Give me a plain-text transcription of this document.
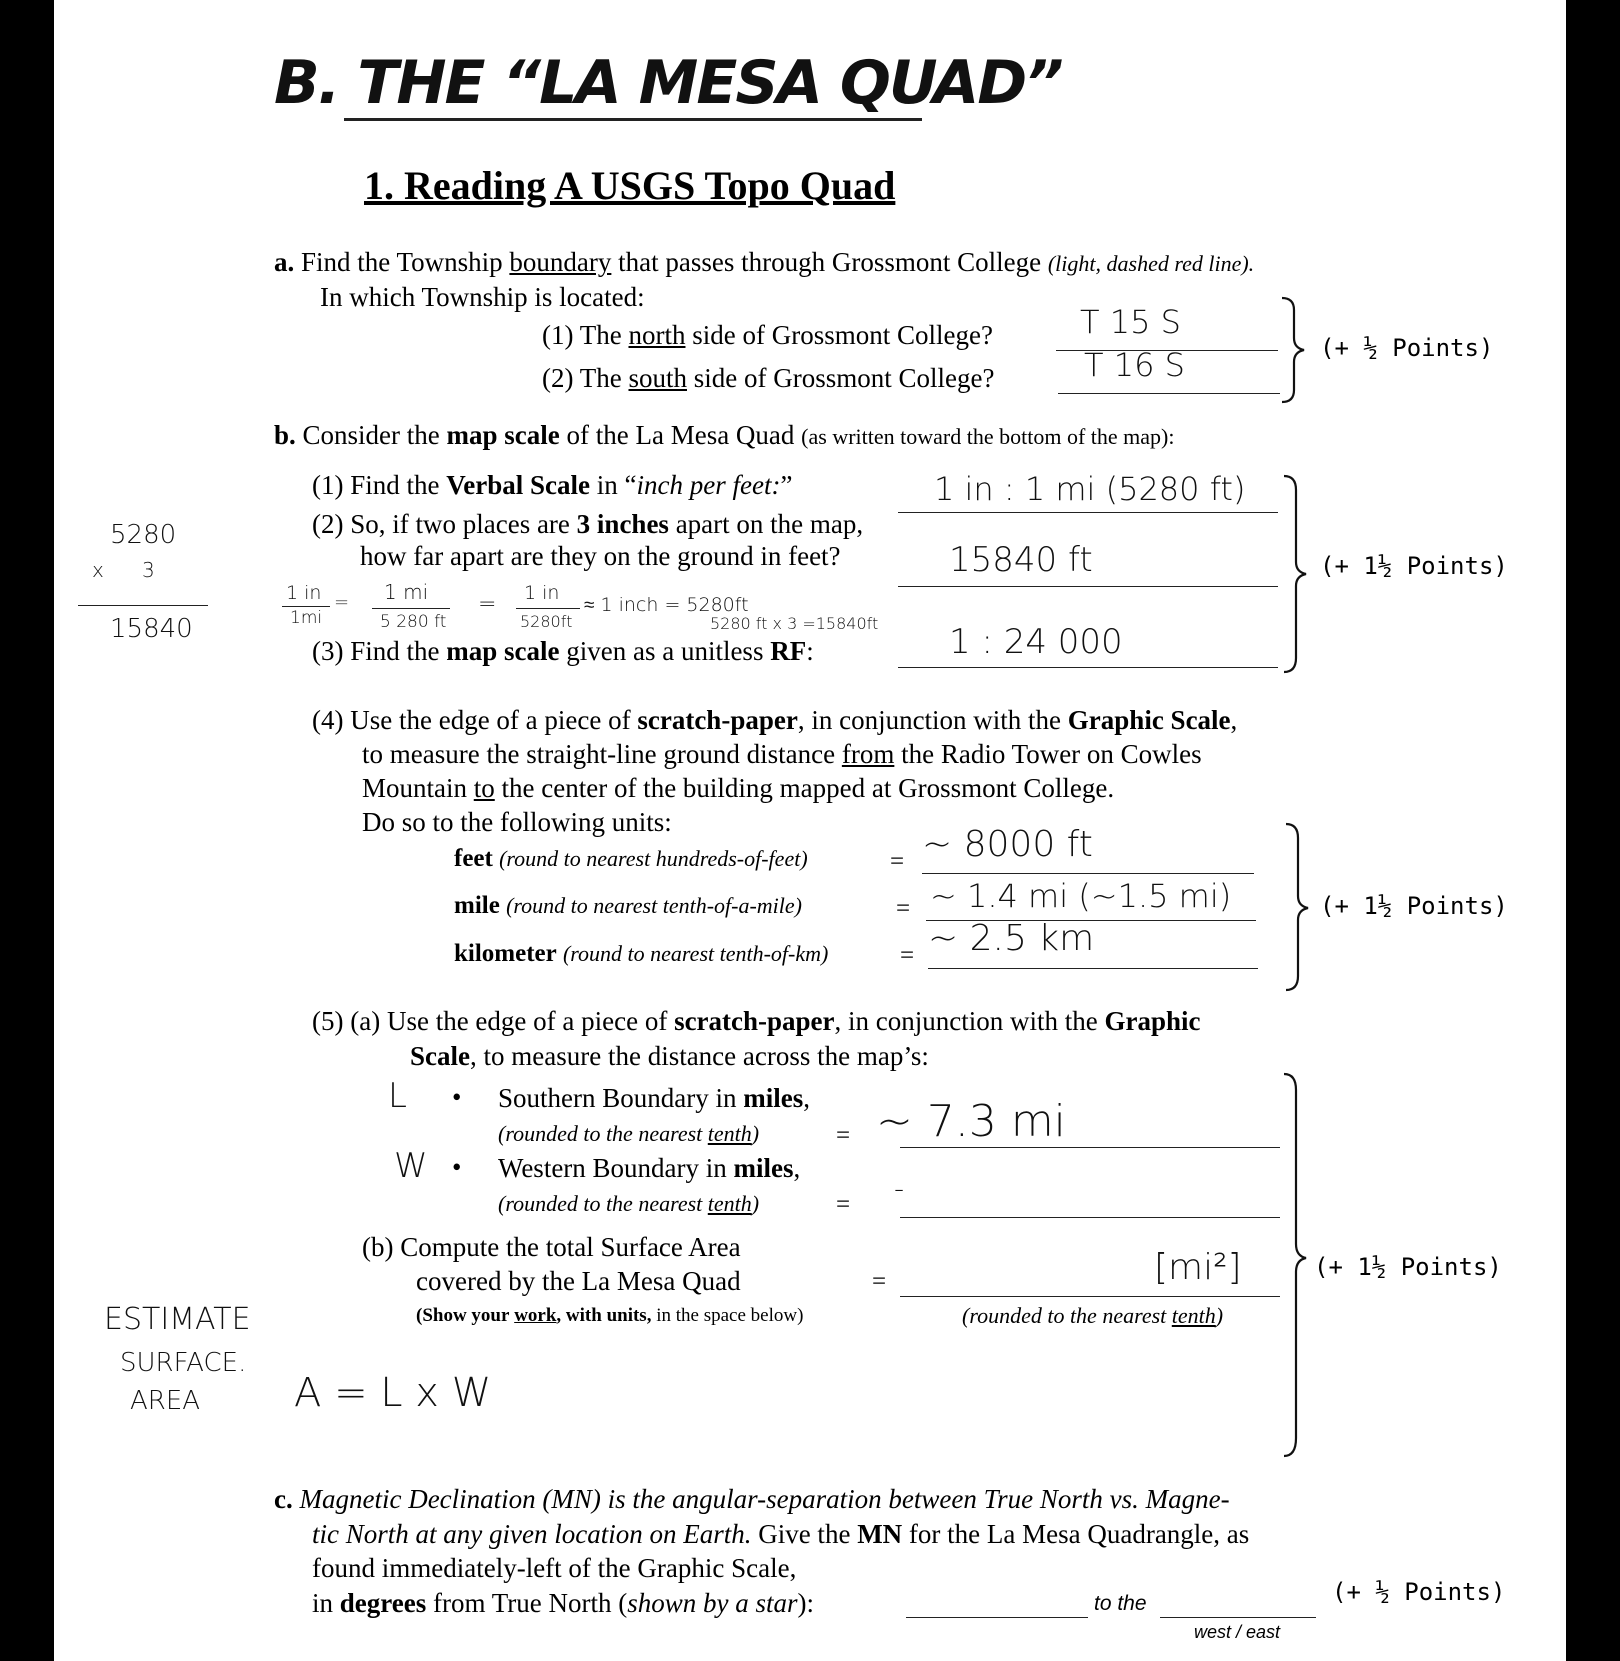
B. THE “LA MESA QUAD”
1. Reading A USGS Topo Quad
a. Find the Township boundary that passes through Grossmont College (light, dashed red line).
In which Township is located:
(1) The north side of Grossmont College?	T 15 S
(2) The south side of Grossmont College?	T 16 S	(+ ½ Points)
b. Consider the map scale of the La Mesa Quad (as written toward the bottom of the map):
(1) Find the Verbal Scale in “inch per feet:”	1 in : 1 mi (5280 ft)
(2) So, if two places are 3 inches apart on the map,
how far apart are they on the ground in feet?	15840 ft
1 in
1mi
= 1 mi
5 280 ft
= 1 in
5280ft
≈ 1 inch = 5280ft
5280 ft x 3 =15840ft
5280
x      3
15840
(3) Find the map scale given as a unitless RF:	1 : 24 000
(+ 1½ Points)
(4) Use the edge of a piece of scratch-paper, in conjunction with the Graphic Scale,
to measure the straight-line ground distance from the Radio Tower on Cowles
Mountain to the center of the building mapped at Grossmont College.
Do so to the following units:
feet (round to nearest hundreds-of-feet)	= ~ 8000 ft
mile (round to nearest tenth-of-a-mile)	= ~ 1.4 mi (~1.5 mi)
kilometer (round to nearest tenth-of-km)	= ~ 2.5 km
(+ 1½ Points)
(5) (a) Use the edge of a piece of scratch-paper, in conjunction with the Graphic
Scale, to measure the distance across the map’s:
L • Southern Boundary in miles,
(rounded to the nearest tenth)	= ~ 7.3 mi
W • Western Boundary in miles,
(rounded to the nearest tenth)	= -
(b) Compute the total Surface Area
covered by the La Mesa Quad
(Show your work, with units, in the space below)
=	[mi²]
(rounded to the nearest tenth)
(+ 1½ Points)
ESTIMATE
SURFACE.
AREA A = L x W
c. Magnetic Declination (MN) is the angular-separation between True North vs. Magne-
tic North at any given location on Earth. Give the MN for the La Mesa Quadrangle, as
found immediately-left of the Graphic Scale,
in degrees from True North (shown by a star):	to the
west / east
(+ ½ Points)
